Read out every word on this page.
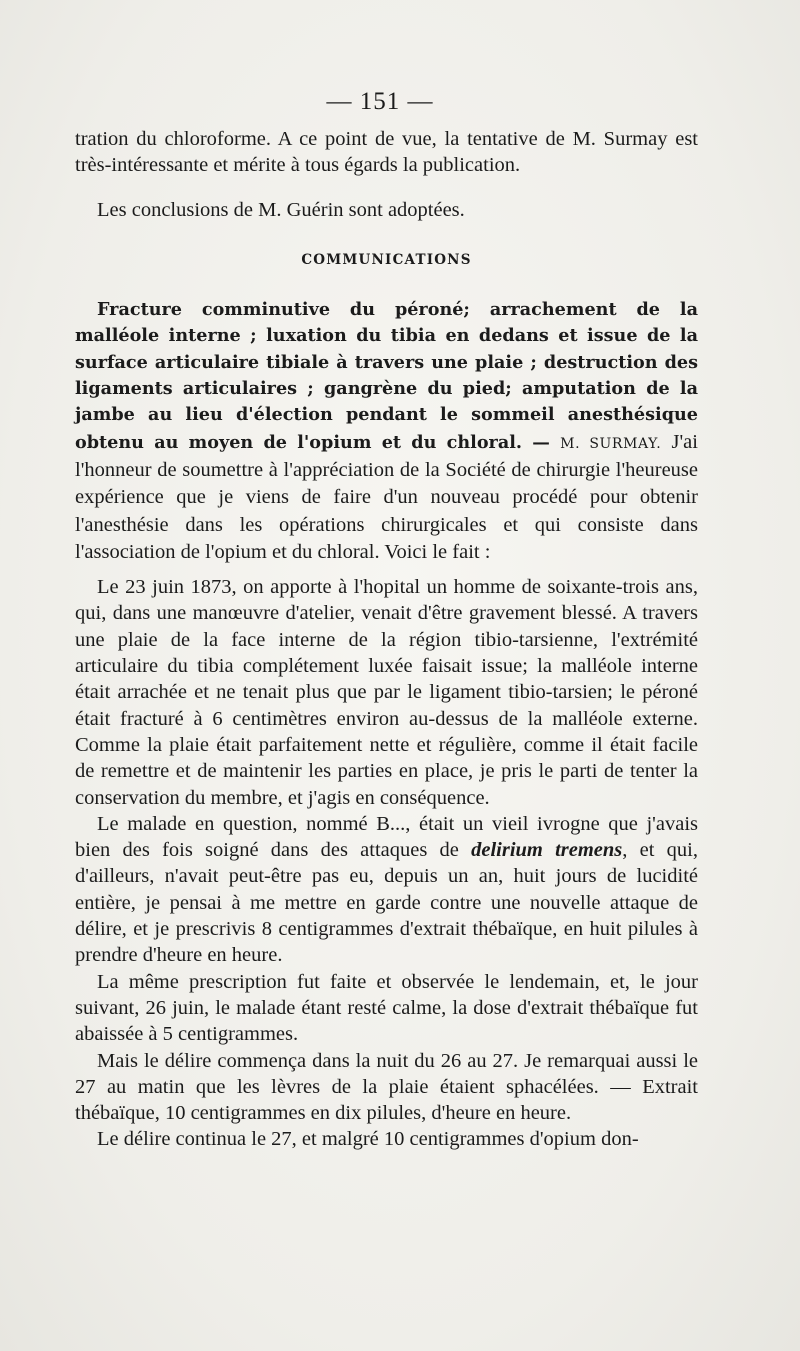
— 151 —

tration du chloroforme. A ce point de vue, la tentative de M. Surmay est très-intéressante et mérite à tous égards la publication.

Les conclusions de M. Guérin sont adoptées.

COMMUNICATIONS

Fracture comminutive du péroné; arrachement de la malléole interne ; luxation du tibia en dedans et issue de la surface articulaire tibiale à travers une plaie ; destruction des ligaments articulaires ; gangrène du pied; amputation de la jambe au lieu d'élection pendant le sommeil anesthésique obtenu au moyen de l'opium et du chloral. — M. SURMAY. J'ai l'honneur de soumettre à l'appréciation de la Société de chirurgie l'heureuse expérience que je viens de faire d'un nouveau procédé pour obtenir l'anesthésie dans les opérations chirurgicales et qui consiste dans l'association de l'opium et du chloral. Voici le fait :

Le 23 juin 1873, on apporte à l'hopital un homme de soixante-trois ans, qui, dans une manœuvre d'atelier, venait d'être gravement blessé. A travers une plaie de la face interne de la région tibio-tarsienne, l'extrémité articulaire du tibia complétement luxée faisait issue; la malléole interne était arrachée et ne tenait plus que par le ligament tibio-tarsien; le péroné était fracturé à 6 centimètres environ au-dessus de la malléole externe. Comme la plaie était parfaitement nette et régulière, comme il était facile de remettre et de maintenir les parties en place, je pris le parti de tenter la conservation du membre, et j'agis en conséquence.

Le malade en question, nommé B..., était un vieil ivrogne que j'avais bien des fois soigné dans des attaques de delirium tremens, et qui, d'ailleurs, n'avait peut-être pas eu, depuis un an, huit jours de lucidité entière, je pensai à me mettre en garde contre une nouvelle attaque de délire, et je prescrivis 8 centigrammes d'extrait thébaïque, en huit pilules à prendre d'heure en heure.

La même prescription fut faite et observée le lendemain, et, le jour suivant, 26 juin, le malade étant resté calme, la dose d'extrait thébaïque fut abaissée à 5 centigrammes.

Mais le délire commença dans la nuit du 26 au 27. Je remarquai aussi le 27 au matin que les lèvres de la plaie étaient sphacélées. — Extrait thébaïque, 10 centigrammes en dix pilules, d'heure en heure.

Le délire continua le 27, et malgré 10 centigrammes d'opium don-
